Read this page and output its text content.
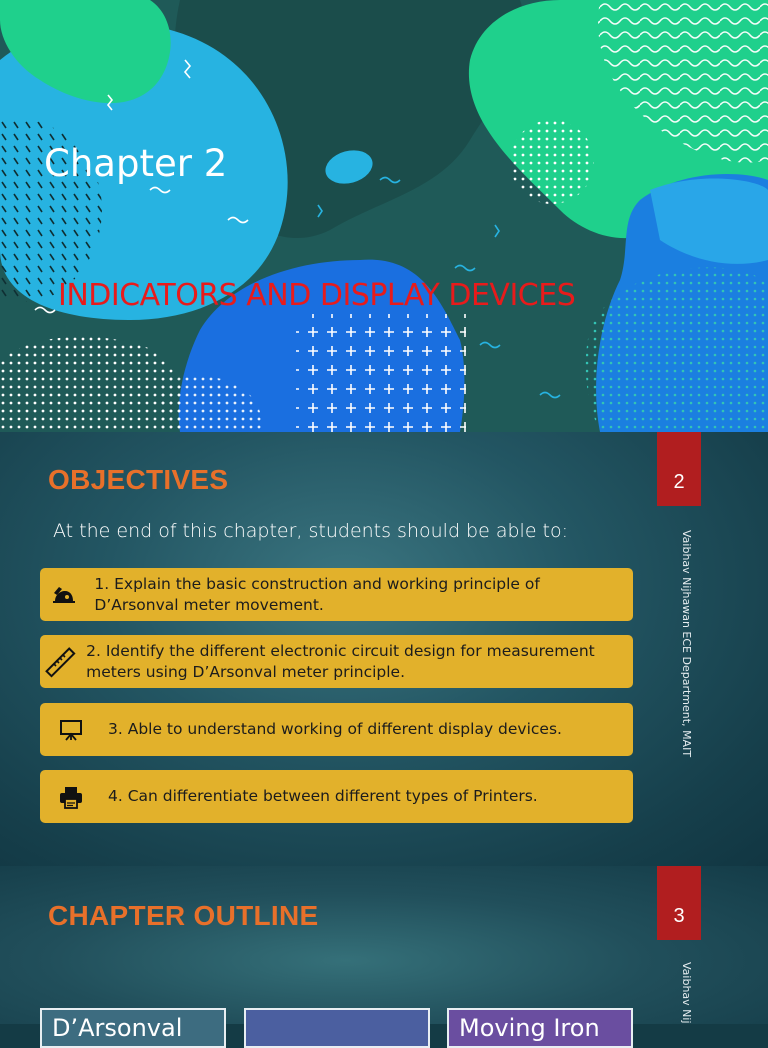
Chapter 2
INDICATORS AND DISPLAY DEVICES
OBJECTIVES	2
Vaibhav Nijhawan ECE Department, MAIT
At the end of this chapter, students should be able to:
1. Explain the basic construction and working principle of D’Arsonval meter movement.
2. Identify the different electronic circuit design for measurement meters using D’Arsonval meter principle.
3. Able to understand working of different display devices.
4. Can differentiate between different types of Printers.
CHAPTER OUTLINE	3
Vaibhav Nij
D’Arsonval	Moving Iron
